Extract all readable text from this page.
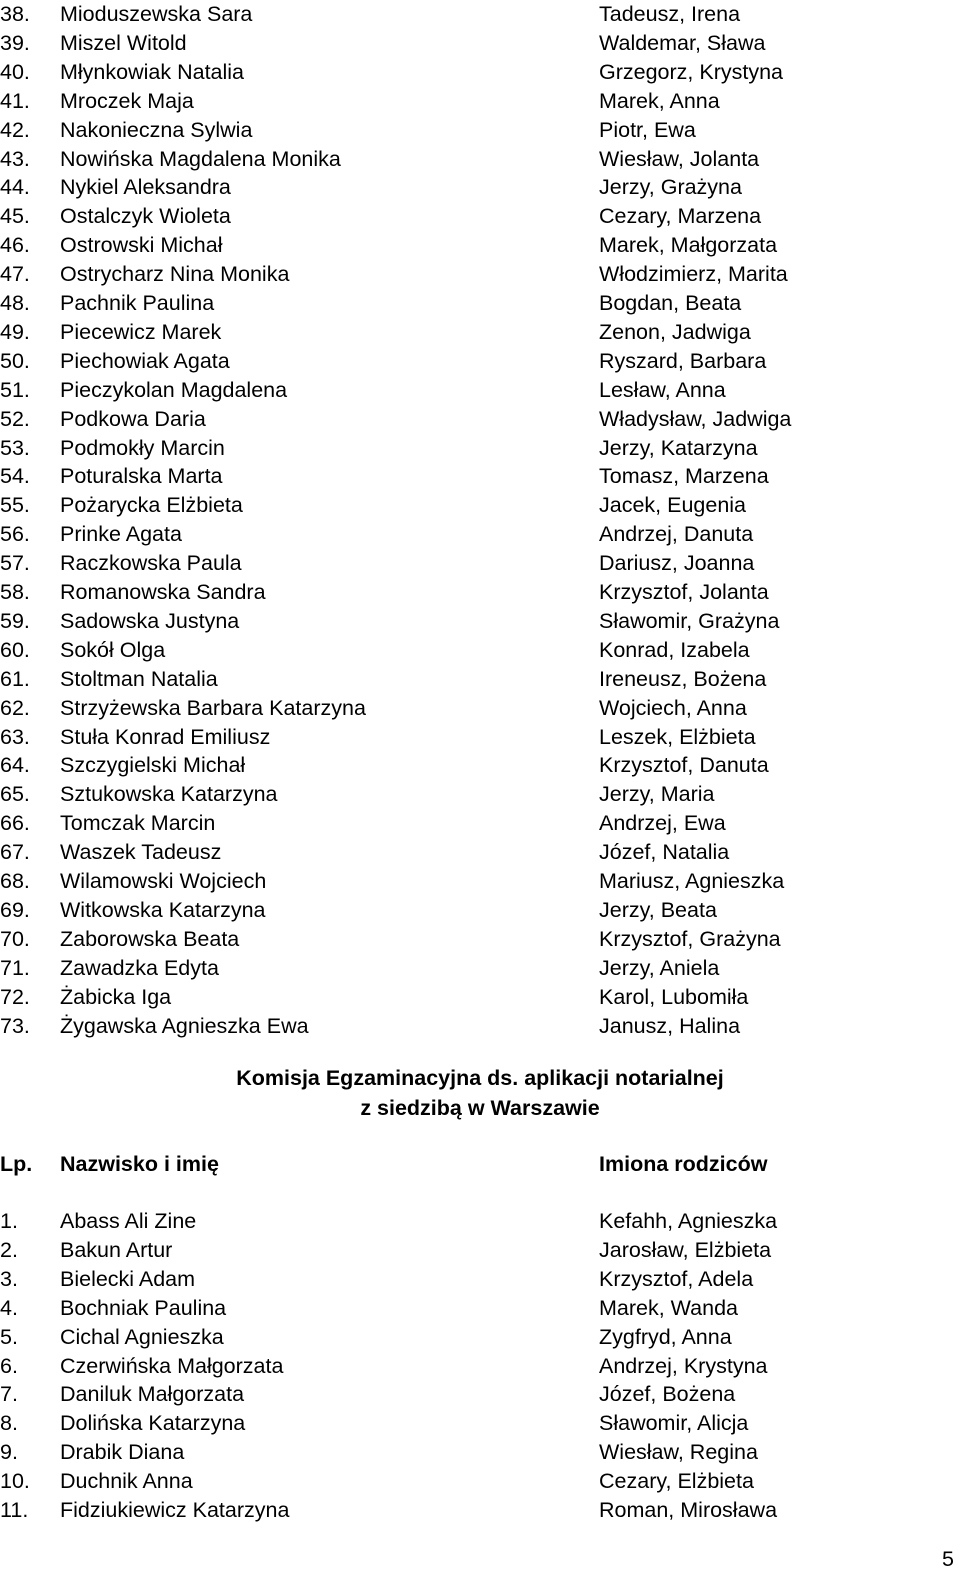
38. Mioduszewska Sara	Tadeusz, Irena
39. Miszel Witold	Waldemar, Sława
40. Młynkowiak Natalia	Grzegorz, Krystyna
41. Mroczek Maja	Marek, Anna
42. Nakonieczna Sylwia	Piotr, Ewa
43. Nowińska Magdalena Monika	Wiesław, Jolanta
44. Nykiel Aleksandra	Jerzy, Grażyna
45. Ostalczyk Wioleta	Cezary, Marzena
46. Ostrowski Michał	Marek, Małgorzata
47. Ostrycharz Nina Monika	Włodzimierz, Marita
48. Pachnik Paulina	Bogdan, Beata
49. Piecewicz Marek	Zenon, Jadwiga
50. Piechowiak Agata	Ryszard, Barbara
51. Pieczykolan Magdalena	Lesław, Anna
52. Podkowa Daria	Władysław, Jadwiga
53. Podmokły Marcin	Jerzy, Katarzyna
54. Poturalska Marta	Tomasz, Marzena
55. Pożarycka Elżbieta	Jacek, Eugenia
56. Prinke Agata	Andrzej, Danuta
57. Raczkowska Paula	Dariusz, Joanna
58. Romanowska Sandra	Krzysztof, Jolanta
59. Sadowska Justyna	Sławomir, Grażyna
60. Sokół Olga	Konrad, Izabela
61. Stoltman Natalia	Ireneusz, Bożena
62. Strzyżewska Barbara Katarzyna	Wojciech, Anna
63. Stuła Konrad Emiliusz	Leszek, Elżbieta
64. Szczygielski Michał	Krzysztof, Danuta
65. Sztukowska Katarzyna	Jerzy, Maria
66. Tomczak Marcin	Andrzej, Ewa
67. Waszek Tadeusz	Józef, Natalia
68. Wilamowski Wojciech	Mariusz, Agnieszka
69. Witkowska Katarzyna	Jerzy, Beata
70. Zaborowska Beata	Krzysztof, Grażyna
71. Zawadzka Edyta	Jerzy, Aniela
72. Żabicka Iga	Karol, Lubomiła
73. Żygawska Agnieszka Ewa	Janusz, Halina
Komisja Egzaminacyjna ds. aplikacji notarialnej
z siedzibą w Warszawie
Lp. Nazwisko i imię	Imiona rodziców
1. Abass Ali Zine	Kefahh, Agnieszka
2. Bakun Artur	Jarosław, Elżbieta
3. Bielecki Adam	Krzysztof, Adela
4. Bochniak Paulina	Marek, Wanda
5. Cichal Agnieszka	Zygfryd, Anna
6. Czerwińska Małgorzata	Andrzej, Krystyna
7. Daniluk Małgorzata	Józef, Bożena
8. Dolińska Katarzyna	Sławomir, Alicja
9. Drabik Diana	Wiesław, Regina
10. Duchnik Anna	Cezary, Elżbieta
11. Fidziukiewicz Katarzyna	Roman, Mirosława
5
